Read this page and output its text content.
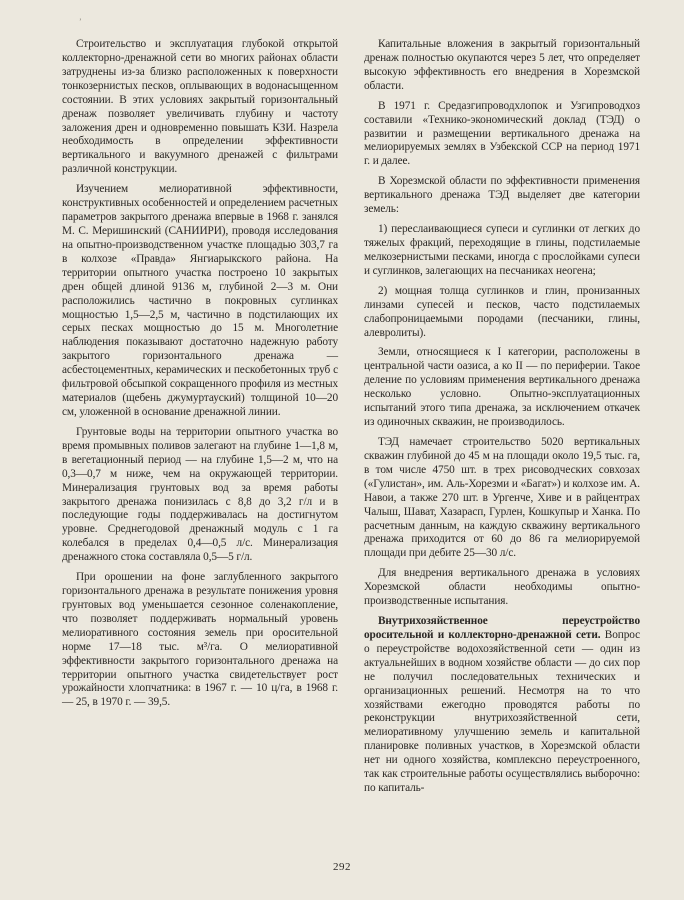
’

Строительство и эксплуатация глубокой открытой коллекторно-дренажной сети во многих районах области затруднены из-за близко расположенных к поверхности тонкозернистых песков, оплывающих в водонасыщенном состоянии. В этих условиях закрытый горизонтальный дренаж позволяет увеличивать глубину и частоту заложения дрен и одновременно повышать КЗИ. Назрела необходимость в определении эффективности вертикального и вакуумного дренажей с фильтрами различной конструкции.

Изучением мелиоративной эффективности, конструктивных особенностей и определением расчетных параметров закрытого дренажа впервые в 1968 г. занялся М. С. Меришинский (САНИИРИ), проводя исследования на опытно-производственном участке площадью 303,7 га в колхозе «Правда» Янгиарыкского района. На территории опытного участка построено 10 закрытых дрен общей длиной 9136 м, глубиной 2—3 м. Они расположились частично в покровных суглинках мощностью 1,5—2,5 м, частично в подстилающих их серых песках мощностью до 15 м. Многолетние наблюдения показывают достаточно надежную работу закрытого горизонтального дренажа — асбестоцементных, керамических и пескобетонных труб с фильтровой обсыпкой сокращенного профиля из местных материалов (щебень джумуртауский) толщиной 10—20 см, уложенной в основание дренажной линии.

Грунтовые воды на территории опытного участка во время промывных поливов залегают на глубине 1—1,8 м, в вегетационный период — на глубине 1,5—2 м, что на 0,3—0,7 м ниже, чем на окружающей территории. Минерализация грунтовых вод за время работы закрытого дренажа понизилась с 8,8 до 3,2 г/л и в последующие годы поддерживалась на достигнутом уровне. Среднегодовой дренажный модуль с 1 га колебался в пределах 0,4—0,5 л/с. Минерализация дренажного стока составляла 0,5—5 г/л.

При орошении на фоне заглубленного закрытого горизонтального дренажа в результате понижения уровня грунтовых вод уменьшается сезонное соленакопление, что позволяет поддерживать нормальный уровень мелиоративного состояния земель при оросительной норме 17—18 тыс. м³/га. О мелиоративной эффективности закрытого горизонтального дренажа на территории опытного участка свидетельствует рост урожайности хлопчатника: в 1967 г. — 10 ц/га, в 1968 г. — 25, в 1970 г. — 39,5.

Капитальные вложения в закрытый горизонтальный дренаж полностью окупаются через 5 лет, что определяет высокую эффективность его внедрения в Хорезмской области.

В 1971 г. Средазгипроводхлопок и Узгипроводхоз составили «Технико-экономический доклад (ТЭД) о развитии и размещении вертикального дренажа на мелиорируемых землях в Узбекской ССР на период 1971 г. и далее.

В Хорезмской области по эффективности применения вертикального дренажа ТЭД выделяет две категории земель:

1) переслаивающиеся супеси и суглинки от легких до тяжелых фракций, переходящие в глины, подстилаемые мелкозернистыми песками, иногда с прослойками супеси и суглинков, залегающих на песчаниках неогена;

2) мощная толща суглинков и глин, пронизанных линзами супесей и песков, часто подстилаемых слабопроницаемыми породами (песчаники, глины, алевролиты).

Земли, относящиеся к I категории, расположены в центральной части оазиса, а ко II — по периферии. Такое деление по условиям применения вертикального дренажа несколько условно. Опытно-эксплуатационных испытаний этого типа дренажа, за исключением откачек из одиночных скважин, не производилось.

ТЭД намечает строительство 5020 вертикальных скважин глубиной до 45 м на площади около 19,5 тыс. га, в том числе 4750 шт. в трех рисоводческих совхозах («Гулистан», им. Аль-Хорезми и «Багат») и колхозе им. А. Навои, а также 270 шт. в Ургенче, Хиве и в райцентрах Чалыш, Шават, Хазарасп, Гурлен, Кошкупыр и Ханка. По расчетным данным, на каждую скважину вертикального дренажа приходится от 60 до 86 га мелиорируемой площади при дебите 25—30 л/с.

Для внедрения вертикального дренажа в условиях Хорезмской области необходимы опытно-производственные испытания.

Внутрихозяйственное переустройство оросительной и коллекторно-дренажной сети. Вопрос о переустройстве водохозяйственной сети — один из актуальнейших в водном хозяйстве области — до сих пор не получил последовательных технических и организационных решений. Несмотря на то что хозяйствами ежегодно проводятся работы по реконструкции внутрихозяйственной сети, мелиоративному улучшению земель и капитальной планировке поливных участков, в Хорезмской области нет ни одного хозяйства, комплексно переустроенного, так как строительные работы осуществлялись выборочно: по капиталь-

292
